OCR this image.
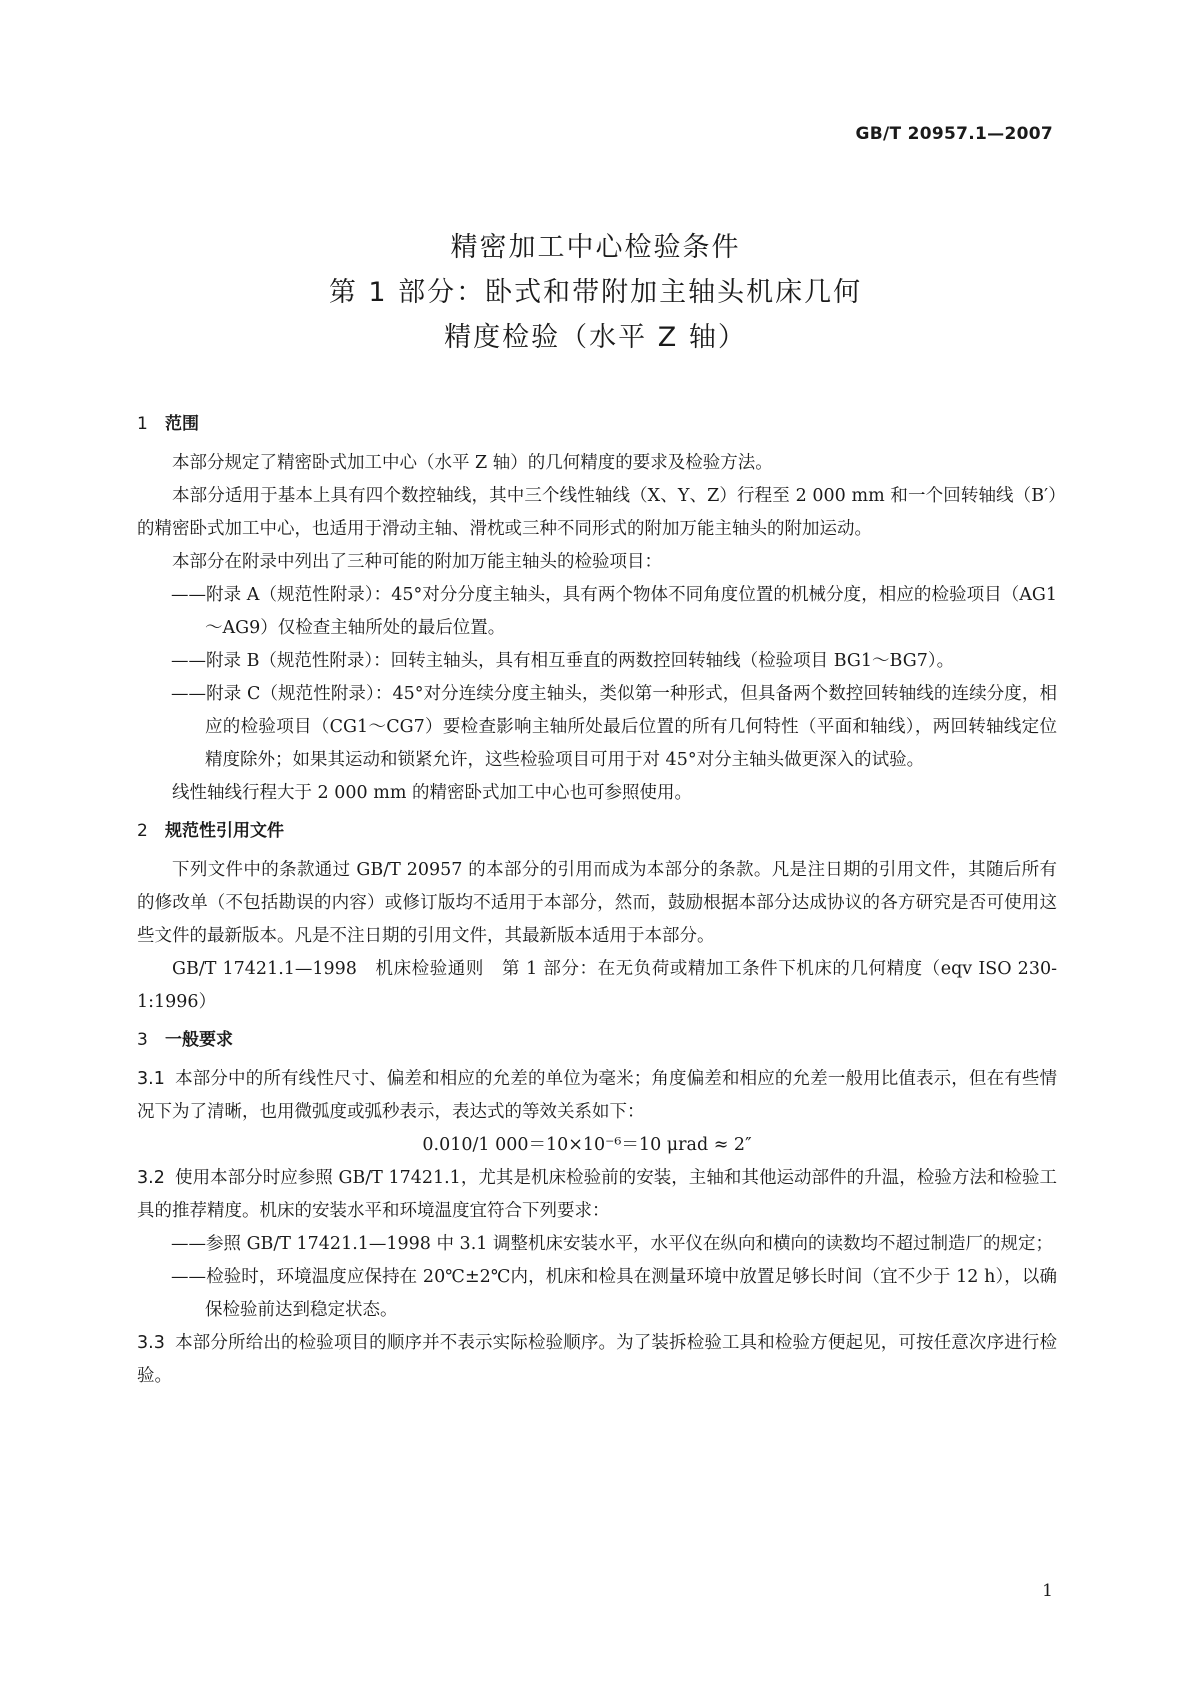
GB/T 20957.1—2007
精密加工中心检验条件
第 1 部分：卧式和带附加主轴头机床几何
精度检验（水平 Z 轴）
1 范围

本部分规定了精密卧式加工中心（水平 Z 轴）的几何精度的要求及检验方法。

本部分适用于基本上具有四个数控轴线，其中三个线性轴线（X、Y、Z）行程至 2 000 mm 和一个回转轴线（B′）的精密卧式加工中心，也适用于滑动主轴、滑枕或三种不同形式的附加万能主轴头的附加运动。

本部分在附录中列出了三种可能的附加万能主轴头的检验项目：

——附录 A（规范性附录）：45°对分分度主轴头，具有两个物体不同角度位置的机械分度，相应的检验项目（AG1～AG9）仅检查主轴所处的最后位置。

——附录 B（规范性附录）：回转主轴头，具有相互垂直的两数控回转轴线（检验项目 BG1～BG7）。

——附录 C（规范性附录）：45°对分连续分度主轴头，类似第一种形式，但具备两个数控回转轴线的连续分度，相应的检验项目（CG1～CG7）要检查影响主轴所处最后位置的所有几何特性（平面和轴线），两回转轴线定位精度除外；如果其运动和锁紧允许，这些检验项目可用于对 45°对分主轴头做更深入的试验。

线性轴线行程大于 2 000 mm 的精密卧式加工中心也可参照使用。

2 规范性引用文件

下列文件中的条款通过 GB/T 20957 的本部分的引用而成为本部分的条款。凡是注日期的引用文件，其随后所有的修改单（不包括勘误的内容）或修订版均不适用于本部分，然而，鼓励根据本部分达成协议的各方研究是否可使用这些文件的最新版本。凡是不注日期的引用文件，其最新版本适用于本部分。

GB/T 17421.1—1998　机床检验通则　第 1 部分：在无负荷或精加工条件下机床的几何精度（eqv ISO 230-1:1996）

3 一般要求

3.1 本部分中的所有线性尺寸、偏差和相应的允差的单位为毫米；角度偏差和相应的允差一般用比值表示，但在有些情况下为了清晰，也用微弧度或弧秒表示，表达式的等效关系如下：

0.010/1 000＝10×10⁻⁶＝10 μrad ≈ 2″

3.2 使用本部分时应参照 GB/T 17421.1，尤其是机床检验前的安装，主轴和其他运动部件的升温，检验方法和检验工具的推荐精度。机床的安装水平和环境温度宜符合下列要求：

——参照 GB/T 17421.1—1998 中 3.1 调整机床安装水平，水平仪在纵向和横向的读数均不超过制造厂的规定；

——检验时，环境温度应保持在 20℃±2℃内，机床和检具在测量环境中放置足够长时间（宜不少于 12 h），以确保检验前达到稳定状态。

3.3 本部分所给出的检验项目的顺序并不表示实际检验顺序。为了装拆检验工具和检验方便起见，可按任意次序进行检验。

1
